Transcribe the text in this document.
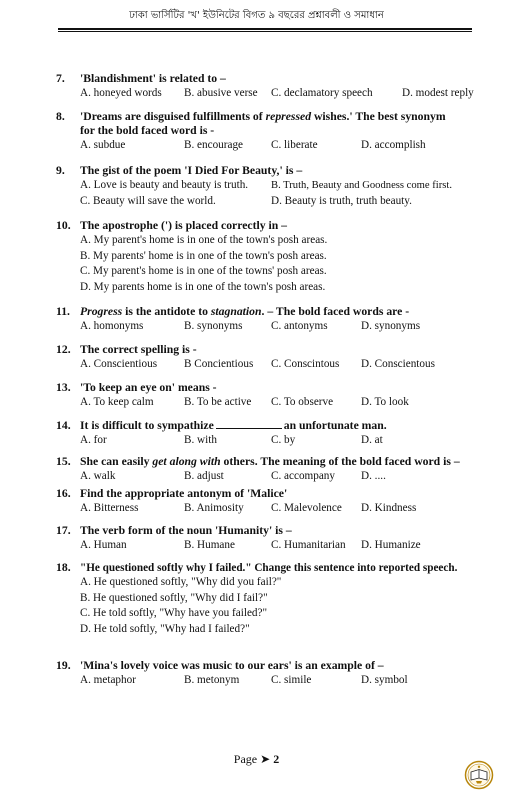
ঢাকা ভার্সিটির 'খ' ইউনিটের বিগত ৯ বছরের প্রশ্নাবলী ও সমাধান
7.	'Blandishment' is related to –
A. honeyed words	B. abusive verse	C. declamatory speech	D. modest reply
8.	'Dreams are disguised fulfillments of repressed wishes.' The best synonym
for the bold faced word is -
A. subdue	B. encourage	C. liberate	D. accomplish
9.	The gist of the poem 'I Died For Beauty,' is –
A. Love is beauty and beauty is truth.	B. Truth, Beauty and Goodness come first.
C. Beauty will save the world.	D. Beauty is truth, truth beauty.
10. The apostrophe (') is placed correctly in –
A. My parent's home is in one of the town's posh areas.
B. My parents' home is in one of the town's posh areas.
C. My parent's home is in one of the towns' posh areas.
D. My parents home is in one of the town's posh areas.
11. Progress is the antidote to stagnation. – The bold faced words are -
A. homonyms	B. synonyms	C. antonyms	D. synonyms
12. The correct spelling is -
A. Conscientious	B Concientious	C. Conscintous	D. Conscientous
13. 'To keep an eye on' means -
A. To keep calm	B. To be active	C. To observe	D. To look
14. It is difficult to sympathize	an unfortunate man.
A. for	B. with	C. by	D. at
15. She can easily get along with others. The meaning of the bold faced word is –
A. walk	B. adjust	C. accompany	D. ....
16. Find the appropriate antonym of 'Malice'
A. Bitterness	B. Animosity	C. Malevolence	D. Kindness
17. The verb form of the noun 'Humanity' is –
A. Human	B. Humane	C. Humanitarian	D. Humanize
18. "He questioned softly why I failed." Change this sentence into reported speech.
A. He questioned softly, "Why did you fail?"
B. He questioned softly, "Why did I fail?"
C. He told softly, "Why have you failed?"
D. He told softly, "Why had I failed?"
19. 'Mina's lovely voice was music to our ears' is an example of –
A. metaphor	B. metonym	C. simile	D. symbol
Page ➤ 2
